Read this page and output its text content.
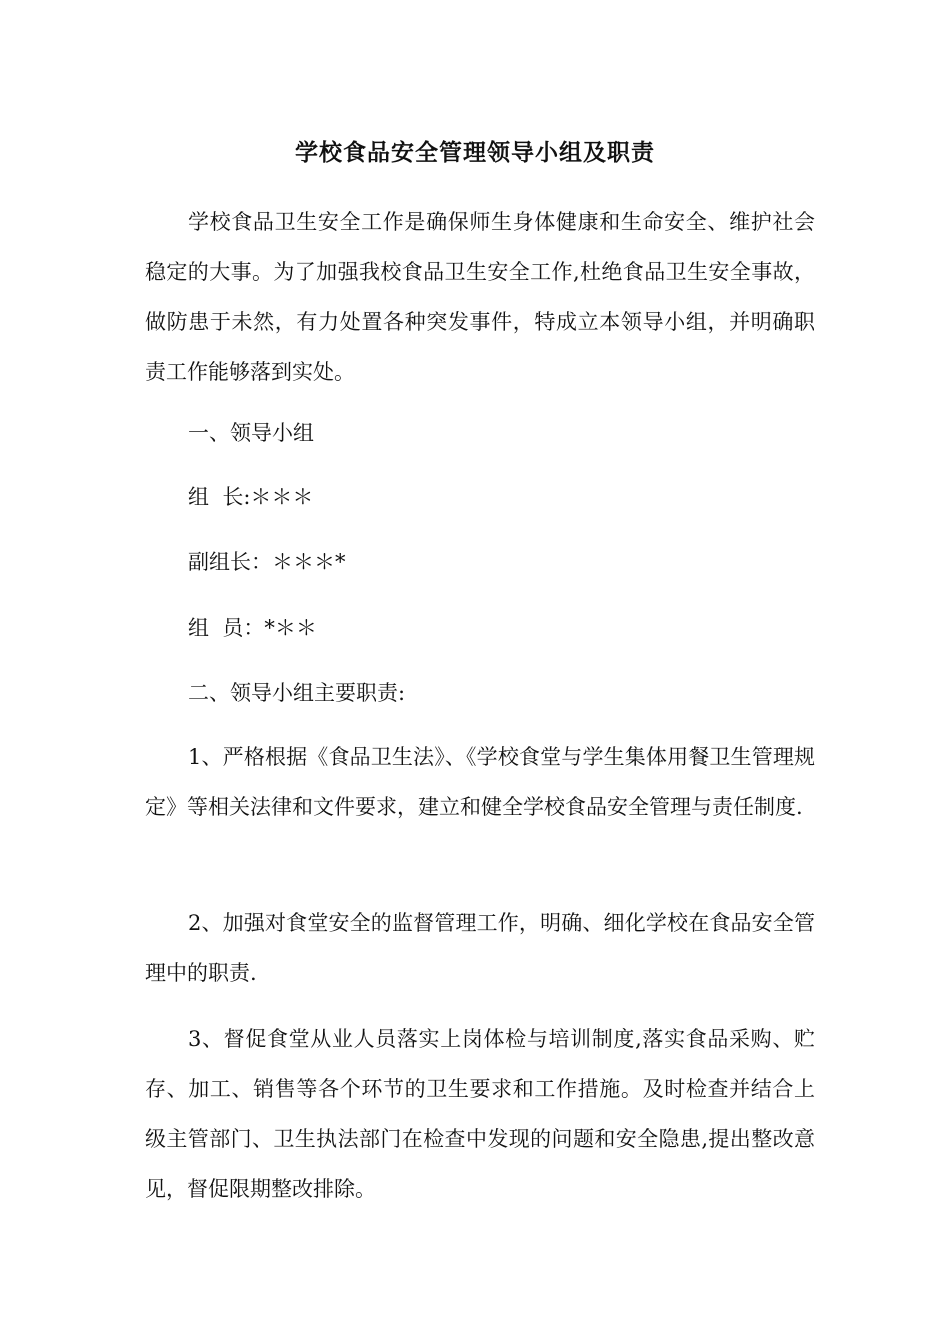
学校食品安全管理领导小组及职责

学校食品卫生安全工作是确保师生身体健康和生命安全、维护社会稳定的大事。为了加强我校食品卫生安全工作,杜绝食品卫生安全事故，做防患于未然，有力处置各种突发事件，特成立本领导小组，并明确职责工作能够落到实处。

一、领导小组

组  长:＊＊＊

副组长：＊＊＊*

组  员：*＊＊

二、领导小组主要职责:

1、严格根据《食品卫生法》、《学校食堂与学生集体用餐卫生管理规定》等相关法律和文件要求，建立和健全学校食品安全管理与责任制度.

2、加强对食堂安全的监督管理工作，明确、细化学校在食品安全管理中的职责.

3、督促食堂从业人员落实上岗体检与培训制度,落实食品采购、贮存、加工、销售等各个环节的卫生要求和工作措施。及时检查并结合上级主管部门、卫生执法部门在检查中发现的问题和安全隐患,提出整改意见，督促限期整改排除。
